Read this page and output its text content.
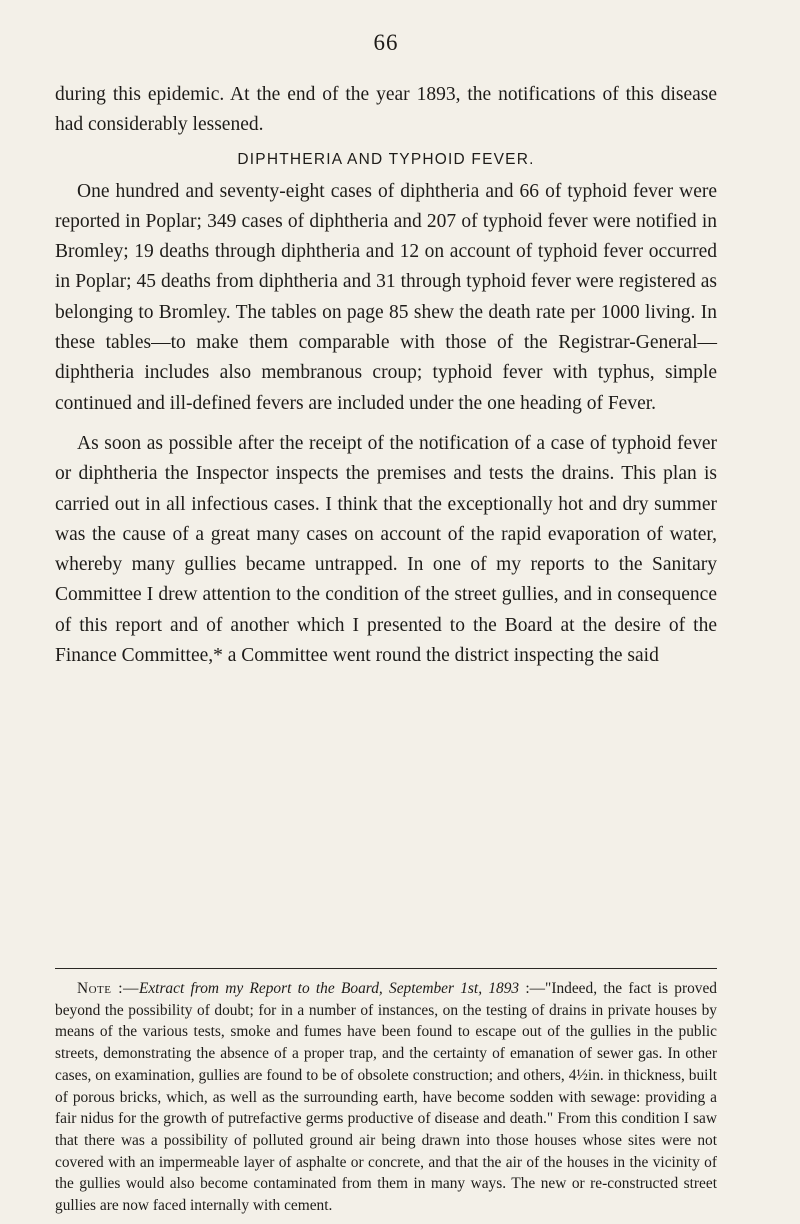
66

during this epidemic. At the end of the year 1893, the notifications of this disease had considerably lessened.

DIPHTHERIA AND TYPHOID FEVER.

One hundred and seventy-eight cases of diphtheria and 66 of typhoid fever were reported in Poplar; 349 cases of diphtheria and 207 of typhoid fever were notified in Bromley; 19 deaths through diphtheria and 12 on account of typhoid fever occurred in Poplar; 45 deaths from diphtheria and 31 through typhoid fever were registered as belonging to Bromley. The tables on page 85 shew the death rate per 1000 living. In these tables—to make them comparable with those of the Registrar-General—diphtheria includes also membranous croup; typhoid fever with typhus, simple continued and ill-defined fevers are included under the one heading of Fever.

As soon as possible after the receipt of the notification of a case of typhoid fever or diphtheria the Inspector inspects the premises and tests the drains. This plan is carried out in all infectious cases. I think that the exceptionally hot and dry summer was the cause of a great many cases on account of the rapid evaporation of water, whereby many gullies became untrapped. In one of my reports to the Sanitary Committee I drew attention to the condition of the street gullies, and in consequence of this report and of another which I presented to the Board at the desire of the Finance Committee,* a Committee went round the district inspecting the said

Note :—Extract from my Report to the Board, September 1st, 1893 :—"Indeed, the fact is proved beyond the possibility of doubt; for in a number of instances, on the testing of drains in private houses by means of the various tests, smoke and fumes have been found to escape out of the gullies in the public streets, demonstrating the absence of a proper trap, and the certainty of emanation of sewer gas. In other cases, on examination, gullies are found to be of obsolete construction; and others, 4½in. in thickness, built of porous bricks, which, as well as the surrounding earth, have become sodden with sewage: providing a fair nidus for the growth of putrefactive germs productive of disease and death." From this condition I saw that there was a possibility of polluted ground air being drawn into those houses whose sites were not covered with an impermeable layer of asphalte or concrete, and that the air of the houses in the vicinity of the gullies would also become contaminated from them in many ways. The new or re-constructed street gullies are now faced internally with cement.
